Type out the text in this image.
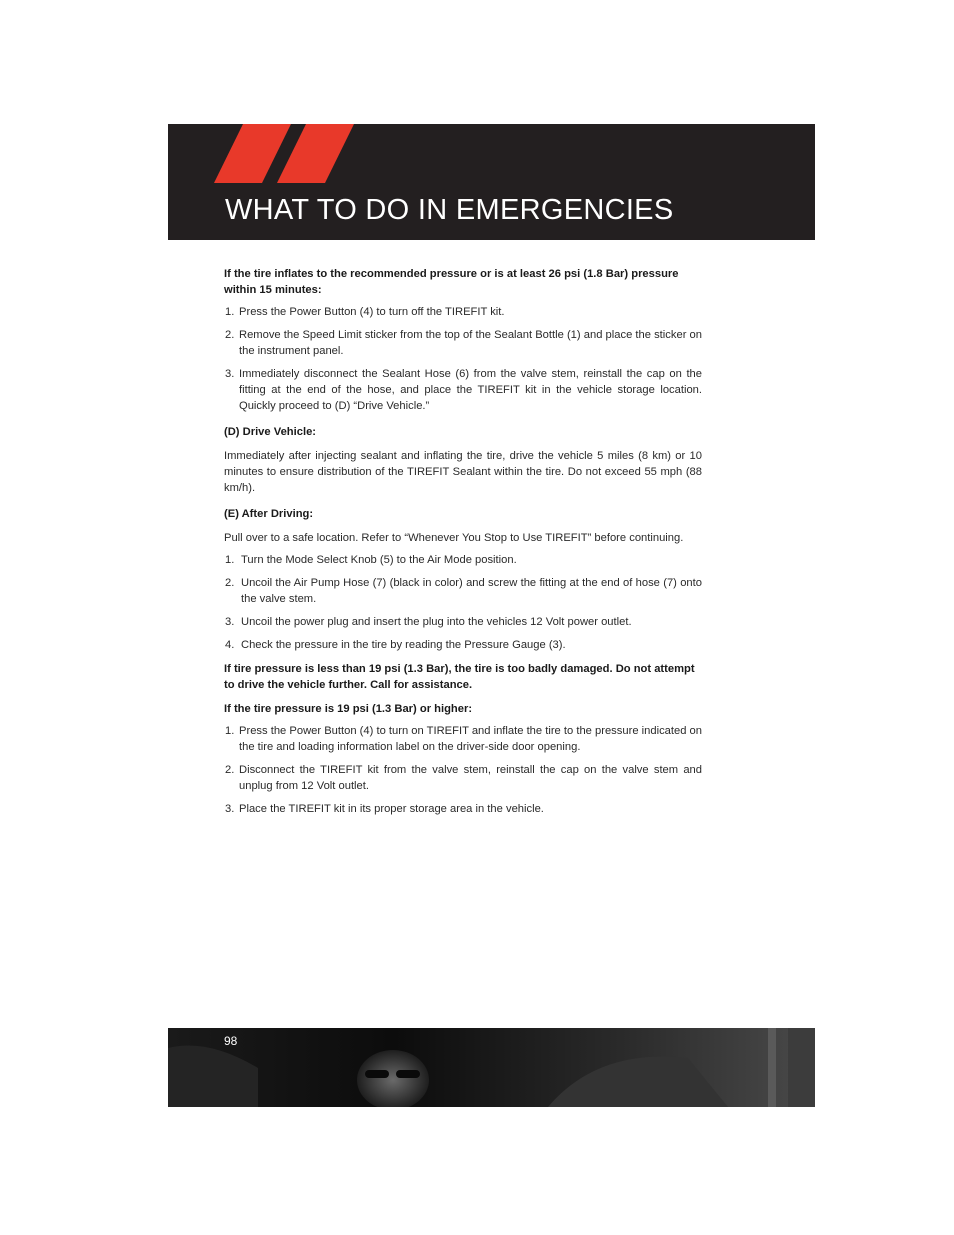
WHAT TO DO IN EMERGENCIES

If the tire inflates to the recommended pressure or is at least 26 psi (1.8 Bar) pressure within 15 minutes:

1. Press the Power Button (4) to turn off the TIREFIT kit.
2. Remove the Speed Limit sticker from the top of the Sealant Bottle (1) and place the sticker on the instrument panel.
3. Immediately disconnect the Sealant Hose (6) from the valve stem, reinstall the cap on the fitting at the end of the hose, and place the TIREFIT kit in the vehicle storage location. Quickly proceed to (D) “Drive Vehicle.”

(D) Drive Vehicle:

Immediately after injecting sealant and inflating the tire, drive the vehicle 5 miles (8 km) or 10 minutes to ensure distribution of the TIREFIT Sealant within the tire. Do not exceed 55 mph (88 km/h).

(E) After Driving:

Pull over to a safe location. Refer to “Whenever You Stop to Use TIREFIT” before continuing.

1. Turn the Mode Select Knob (5) to the Air Mode position.
2. Uncoil the Air Pump Hose (7) (black in color) and screw the fitting at the end of hose (7) onto the valve stem.
3. Uncoil the power plug and insert the plug into the vehicles 12 Volt power outlet.
4. Check the pressure in the tire by reading the Pressure Gauge (3).

If tire pressure is less than 19 psi (1.3 Bar), the tire is too badly damaged. Do not attempt to drive the vehicle further. Call for assistance.

If the tire pressure is 19 psi (1.3 Bar) or higher:

1. Press the Power Button (4) to turn on TIREFIT and inflate the tire to the pressure indicated on the tire and loading information label on the driver-side door opening.
2. Disconnect the TIREFIT kit from the valve stem, reinstall the cap on the valve stem and unplug from 12 Volt outlet.
3. Place the TIREFIT kit in its proper storage area in the vehicle.
98
